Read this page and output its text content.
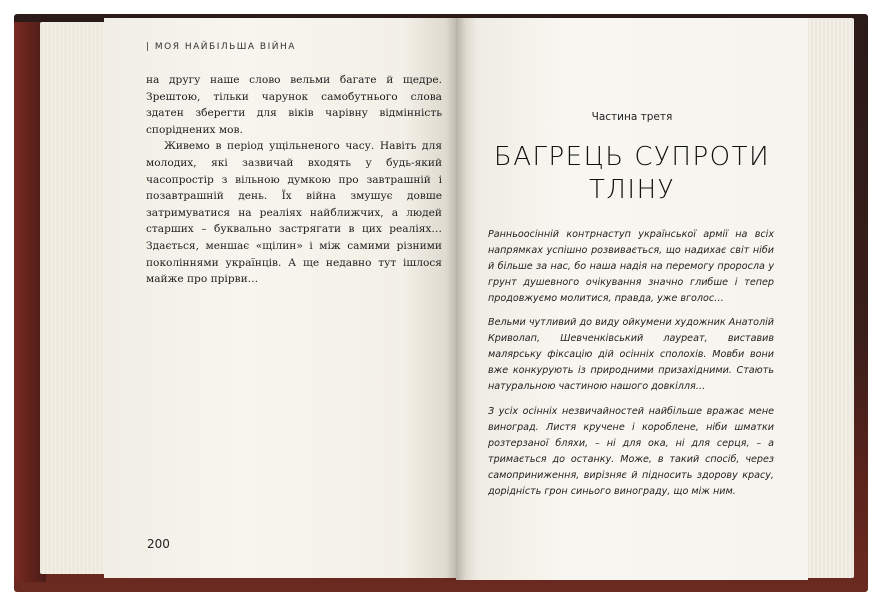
| МОЯ НАЙБІЛЬША ВІЙНА

на другу наше слово вельми багате й щедре. Зрештою, тільки чарунок самобутнього слова здатен зберегти для віків чарівну відмінність споріднених мов.

Живемо в період ущільненого часу. Навіть для молодих, які зазвичай входять у будь-який часопростір з вільною думкою про завтрашній і позавтрашній день. Їх війна змушує довше затримуватися на реаліях найближчих, а людей старших – буквально застрягати в цих реаліях… Здається, меншає «щілин» і між самими різними поколіннями українців. А ще недавно тут ішлося майже про прірви…

200
Частина третя
БАГРЕЦЬ СУПРОТИ
ТЛІНУ

Ранньоосінній контрнаступ української армії на всіх напрямках успішно розвивається, що надихає світ ніби й більше за нас, бо наша надія на перемогу проросла у грунт душевного очікування значно глибше і тепер продовжуємо молитися, правда, уже вголос…

Вельми чутливий до виду ойкумени художник Анатолій Криволап, Шевченківський лауреат, виставив малярську фіксацію дій осінніх сполохів. Мовби вони вже конкурують із природними призахідними. Стають натуральною частиною нашого довкілля…

З усіх осінніх незвичайностей найбільше вражає мене виноград. Листя кручене і короблене, ніби шматки розтерзаної бляхи, – ні для ока, ні для серця, – а тримається до останку. Може, в такий спосіб, через самоприниження, вирізняє й підносить здорову красу, дорідність грон синього винограду, що між ним.
